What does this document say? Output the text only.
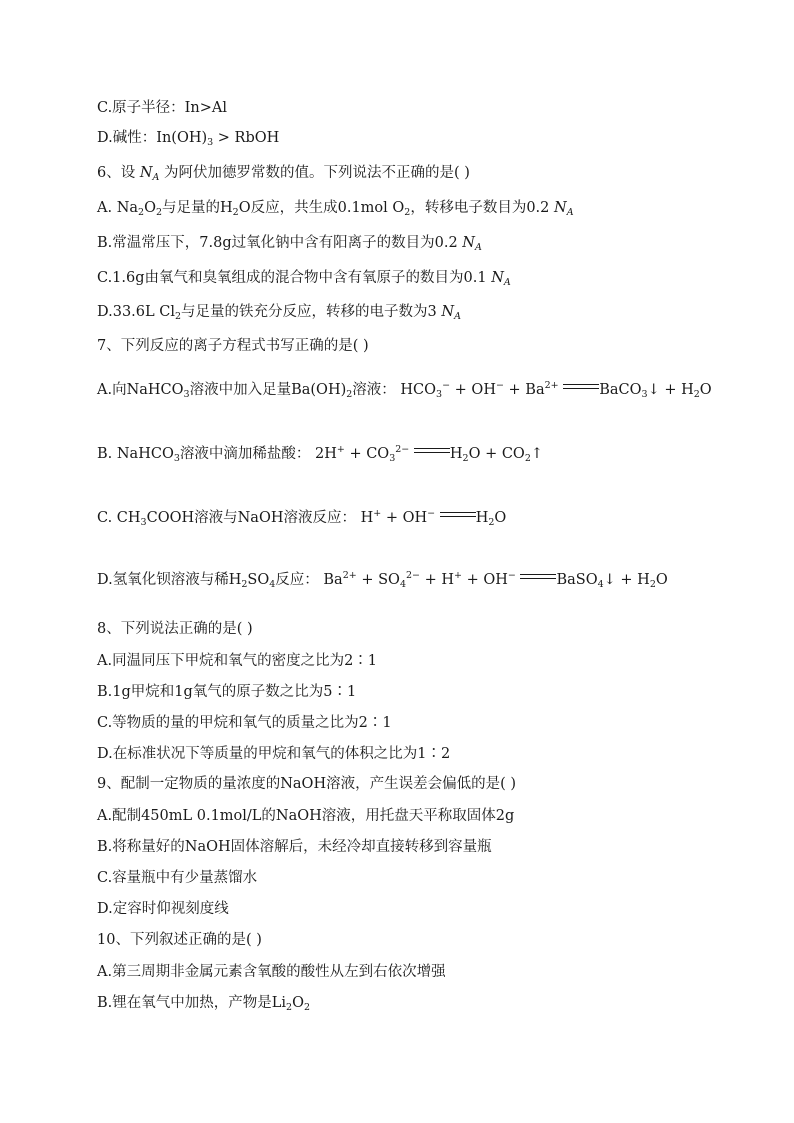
C.原子半径：In>Al
D.碱性：$In(OH)_3$ > RbOH
6、设 $N_A$ 为阿伏加德罗常数的值。下列说法不正确的是( )
A. $Na_2O_2$与足量的$H_2O$反应，共生成0.1mol $O_2$，转移电子数目为0.2 $N_A$
B.常温常压下，7.8g过氧化钠中含有阳离子的数目为0.2 $N_A$
C.1.6g由氧气和臭氧组成的混合物中含有氧原子的数目为0.1 $N_A$
D.33.6L $Cl_2$与足量的铁充分反应，转移的电子数为3 $N_A$
7、下列反应的离子方程式书写正确的是( )
A.向NaHCO$_3$溶液中加入足量$Ba(OH)_2$溶液： $HCO_3^- + OH^- + Ba^{2+}$	BaCO$_3$↓ + $H_2O$
B. NaHCO$_3$溶液中滴加稀盐酸： $2H^+ + CO_3^{2-}$	$H_2O$ + $CO_2↑$
C. $CH_3COOH$溶液与NaOH溶液反应： H+ + OH−	$H_2O$
D.氢氧化钡溶液与稀$H_2SO_4$反应： $Ba^{2+} + SO_4^{2-} + H^+ + OH^-$	BaSO$_4$↓ + $H_2O$
8、下列说法正确的是( )
A.同温同压下甲烷和氧气的密度之比为2∶1
B.1g甲烷和1g氧气的原子数之比为5∶1
C.等物质的量的甲烷和氧气的质量之比为2∶1
D.在标准状况下等质量的甲烷和氧气的体积之比为1∶2
9、配制一定物质的量浓度的NaOH溶液，产生误差会偏低的是( )
A.配制450mL 0.1mol/L的NaOH溶液，用托盘天平称取固体2g
B.将称量好的NaOH固体溶解后，未经冷却直接转移到容量瓶
C.容量瓶中有少量蒸馏水
D.定容时仰视刻度线
10、下列叙述正确的是( )
A.第三周期非金属元素含氧酸的酸性从左到右依次增强
B.锂在氧气中加热，产物是$Li_2O_2$
